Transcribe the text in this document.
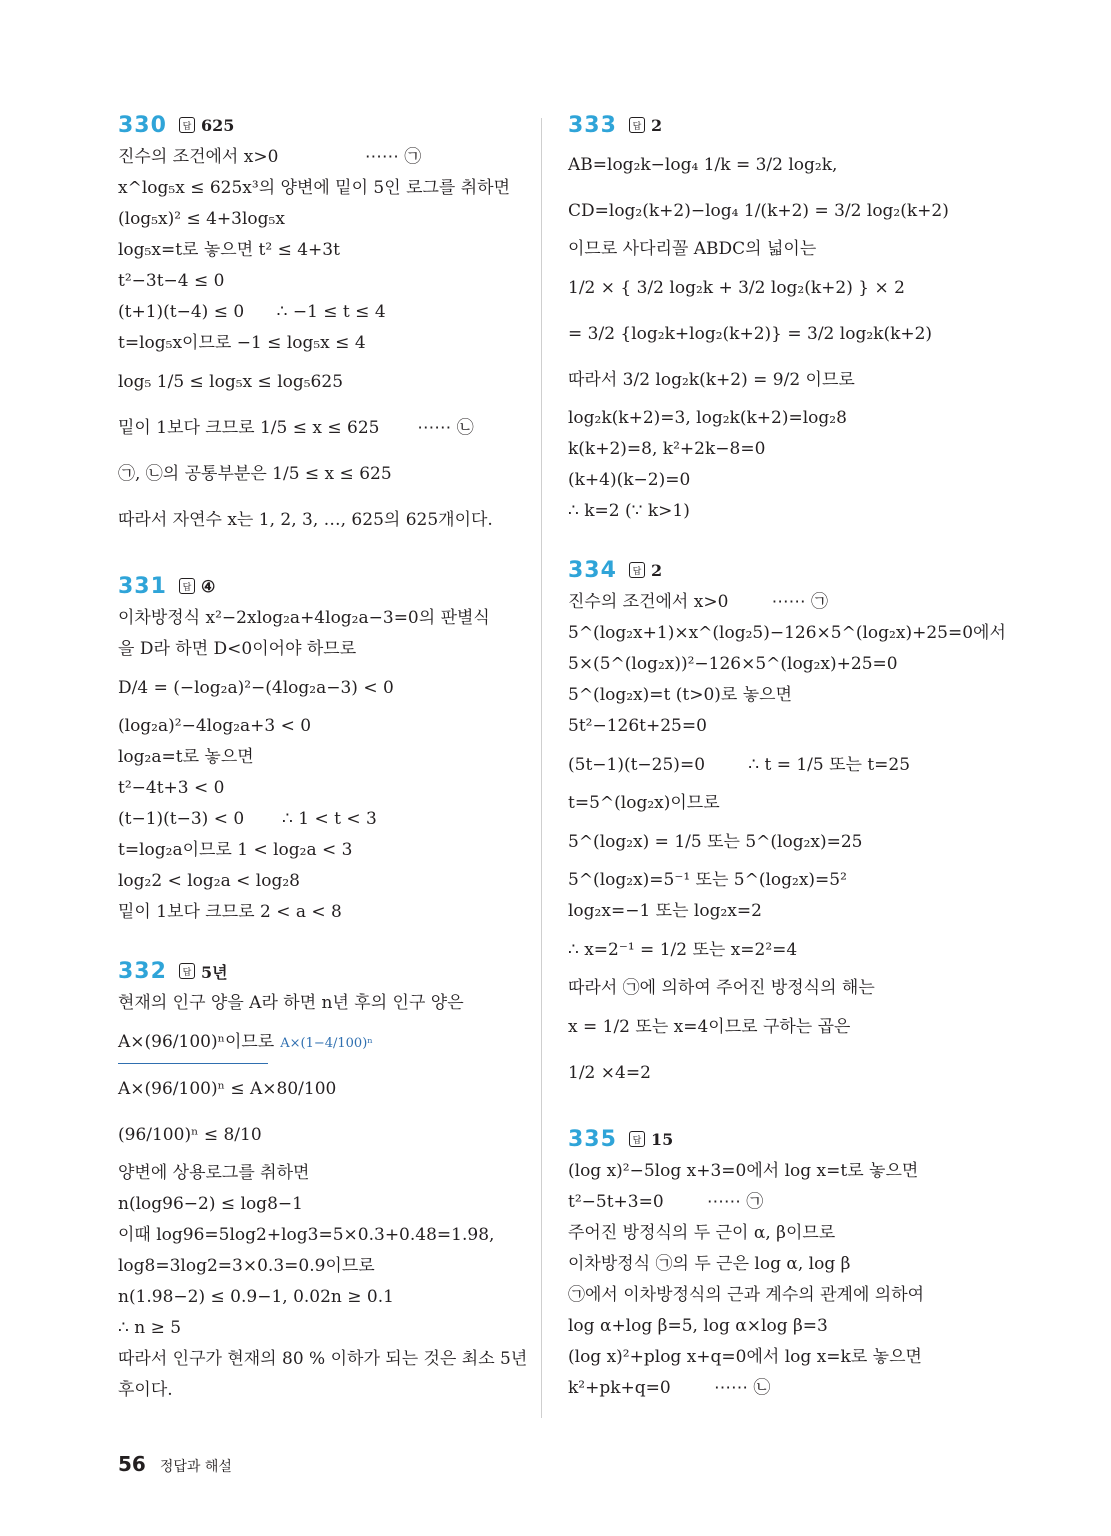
330	답 625
진수의 조건에서 x>0                ⋯⋯ ㉠
x^log₅x ≤ 625x³의 양변에 밑이 5인 로그를 취하면
(log₅x)² ≤ 4+3log₅x
log₅x=t로 놓으면 t² ≤ 4+3t
t²−3t−4 ≤ 0
(t+1)(t−4) ≤ 0      ∴ −1 ≤ t ≤ 4
t=log₅x이므로 −1 ≤ log₅x ≤ 4
log₅ 1/5 ≤ log₅x ≤ log₅625
밑이 1보다 크므로 1/5 ≤ x ≤ 625       ⋯⋯ ㉡
㉠, ㉡의 공통부분은 1/5 ≤ x ≤ 625
따라서 자연수 x는 1, 2, 3, …, 625의 625개이다.
331	답 ④
이차방정식 x²−2xlog₂a+4log₂a−3=0의 판별식
을 D라 하면 D<0이어야 하므로
D/4 = (−log₂a)²−(4log₂a−3) < 0
(log₂a)²−4log₂a+3 < 0
log₂a=t로 놓으면
t²−4t+3 < 0
(t−1)(t−3) < 0       ∴ 1 < t < 3
t=log₂a이므로 1 < log₂a < 3
log₂2 < log₂a < log₂8
밑이 1보다 크므로 2 < a < 8
332	답 5년
현재의 인구 양을 A라 하면 n년 후의 인구 양은
A×(96/100)ⁿ이므로 A×(1−4/100)ⁿ
A×(96/100)ⁿ ≤ A×80/100
(96/100)ⁿ ≤ 8/10
양변에 상용로그를 취하면
n(log96−2) ≤ log8−1
이때 log96=5log2+log3=5×0.3+0.48=1.98,
log8=3log2=3×0.3=0.9이므로
n(1.98−2) ≤ 0.9−1, 0.02n ≥ 0.1
∴ n ≥ 5
따라서 인구가 현재의 80 % 이하가 되는 것은 최소 5년
후이다.
333	답 2
AB=log₂k−log₄ 1/k = 3/2 log₂k,
CD=log₂(k+2)−log₄ 1/(k+2) = 3/2 log₂(k+2)
이므로 사다리꼴 ABDC의 넓이는
1/2 × { 3/2 log₂k + 3/2 log₂(k+2) } × 2
= 3/2 {log₂k+log₂(k+2)} = 3/2 log₂k(k+2)
따라서 3/2 log₂k(k+2) = 9/2 이므로
log₂k(k+2)=3, log₂k(k+2)=log₂8
k(k+2)=8, k²+2k−8=0
(k+4)(k−2)=0
∴ k=2 (∵ k>1)
334	답 2
진수의 조건에서 x>0        ⋯⋯ ㉠
5^(log₂x+1)×x^(log₂5)−126×5^(log₂x)+25=0에서
5×(5^(log₂x))²−126×5^(log₂x)+25=0
5^(log₂x)=t (t>0)로 놓으면
5t²−126t+25=0
(5t−1)(t−25)=0        ∴ t = 1/5 또는 t=25
t=5^(log₂x)이므로
5^(log₂x) = 1/5 또는 5^(log₂x)=25
5^(log₂x)=5⁻¹ 또는 5^(log₂x)=5²
log₂x=−1 또는 log₂x=2
∴ x=2⁻¹ = 1/2 또는 x=2²=4
따라서 ㉠에 의하여 주어진 방정식의 해는
x = 1/2 또는 x=4이므로 구하는 곱은
1/2 ×4=2
335	답 15
(log x)²−5log x+3=0에서 log x=t로 놓으면
t²−5t+3=0        ⋯⋯ ㉠
주어진 방정식의 두 근이 α, β이므로
이차방정식 ㉠의 두 근은 log α, log β
㉠에서 이차방정식의 근과 계수의 관계에 의하여
log α+log β=5, log α×log β=3
(log x)²+plog x+q=0에서 log x=k로 놓으면
k²+pk+q=0        ⋯⋯ ㉡
56 정답과 해설
